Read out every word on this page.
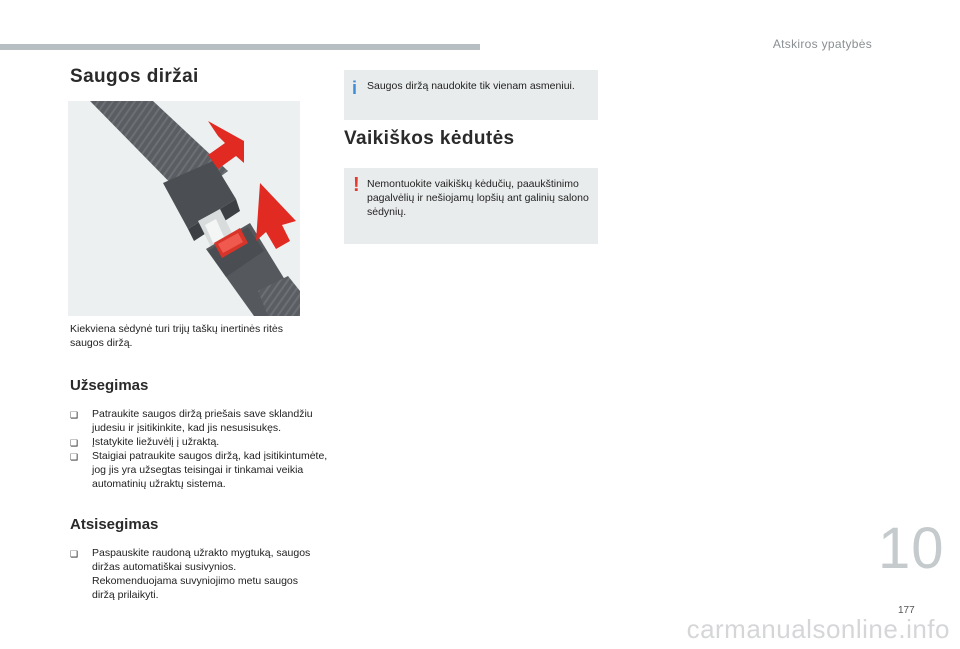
Atskiros ypatybės
Saugos diržai
Kiekviena sėdynė turi trijų taškų inertinės ritės saugos diržą.
Užsegimas
❑ Patraukite saugos diržą priešais save sklandžiu judesiu ir įsitikinkite, kad jis nesusisukęs.
❑ Įstatykite liežuvėlį į užraktą.
❑ Staigiai patraukite saugos diržą, kad įsitikintumėte, jog jis yra užsegtas teisingai ir tinkamai veikia automatinių užraktų sistema.
Atsisegimas
❑ Paspauskite raudoną užrakto mygtuką, saugos diržas automatiškai susivynios. Rekomenduojama suvyniojimo metu saugos diržą prilaikyti.
i Saugos diržą naudokite tik vienam asmeniui.
Vaikiškos kėdutės
! Nemontuokite vaikiškų kėdučių, paaukštinimo pagalvėlių ir nešiojamų lopšių ant galinių salono sėdynių.
10
177
carmanualsonline.info
